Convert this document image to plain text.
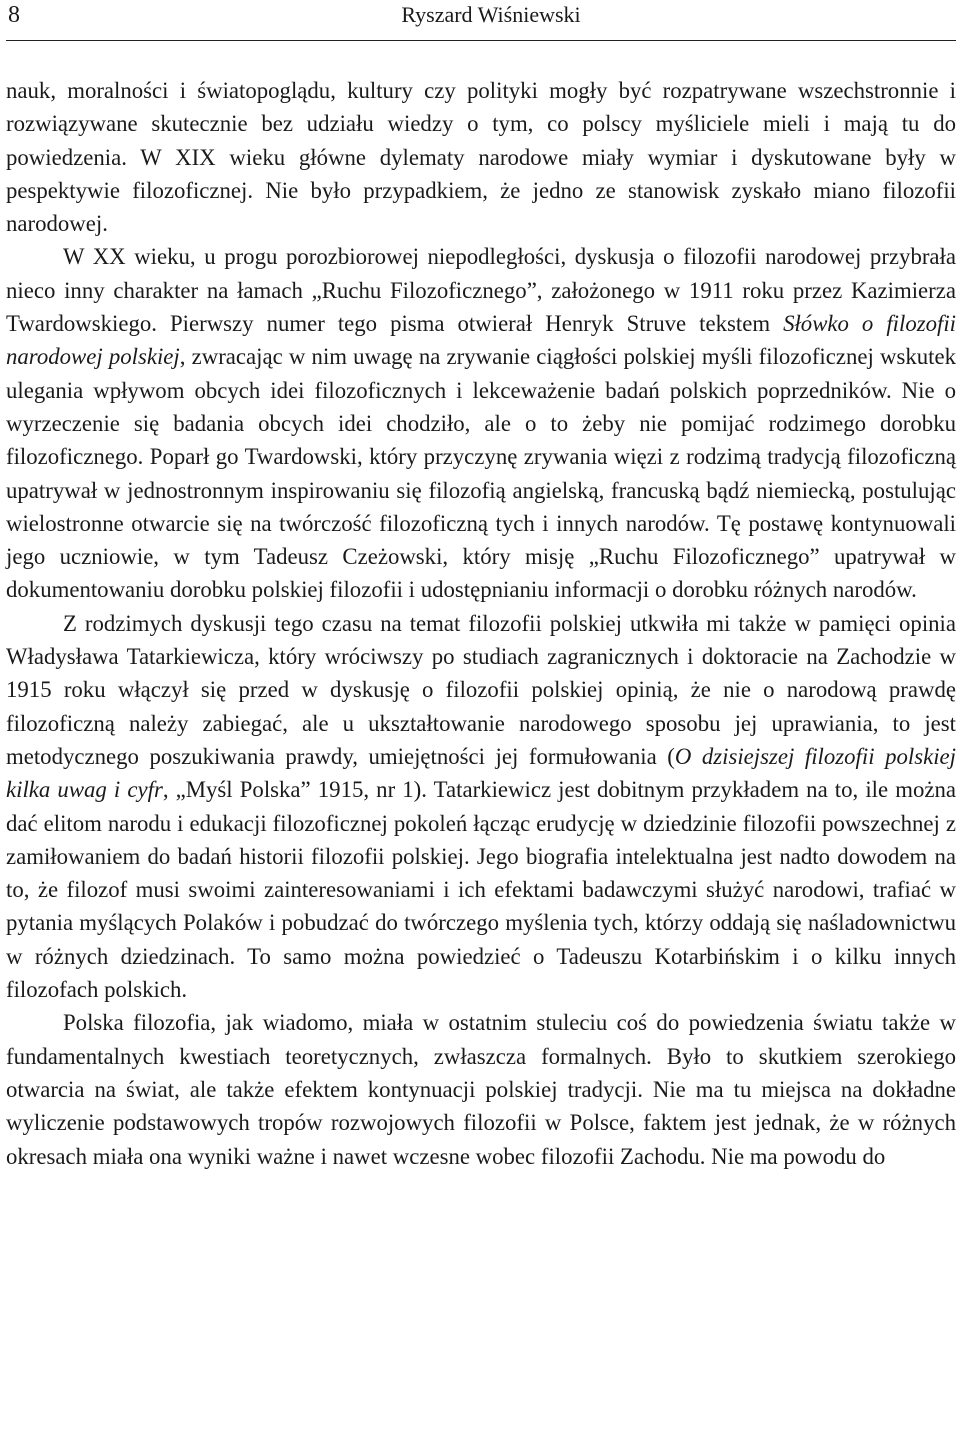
8	Ryszard Wiśniewski

nauk, moralności i światopoglądu, kultury czy polityki mogły być rozpatrywane wszechstronnie i rozwiązywane skutecznie bez udziału wiedzy o tym, co polscy myśliciele mieli i mają tu do powiedzenia. W XIX wieku główne dylematy narodowe miały wymiar i dyskutowane były w pespektywie filozoficznej. Nie było przypadkiem, że jedno ze stanowisk zyskało miano filozofii narodowej.

W XX wieku, u progu porozbiorowej niepodległości, dyskusja o filozofii narodowej przybrała nieco inny charakter na łamach „Ruchu Filozoficznego”, założonego w 1911 roku przez Kazimierza Twardowskiego. Pierwszy numer tego pisma otwierał Henryk Struve tekstem Słówko o filozofii narodowej polskiej, zwracając w nim uwagę na zrywanie ciągłości polskiej myśli filozoficznej wskutek ulegania wpływom obcych idei filozoficznych i lekceważenie badań polskich poprzedników. Nie o wyrzeczenie się badania obcych idei chodziło, ale o to żeby nie pomijać rodzimego dorobku filozoficznego. Poparł go Twardowski, który przyczynę zrywania więzi z rodzimą tradycją filozoficzną upatrywał w jednostronnym inspirowaniu się filozofią angielską, francuską bądź niemiecką, postulując wielostronne otwarcie się na twórczość filozoficzną tych i innych narodów. Tę postawę kontynuowali jego uczniowie, w tym Tadeusz Czeżowski, który misję „Ruchu Filozoficznego” upatrywał w dokumentowaniu dorobku polskiej filozofii i udostępnianiu informacji o dorobku różnych narodów.

Z rodzimych dyskusji tego czasu na temat filozofii polskiej utkwiła mi także w pamięci opinia Władysława Tatarkiewicza, który wróciwszy po studiach zagranicznych i doktoracie na Zachodzie w 1915 roku włączył się przed w dyskusję o filozofii polskiej opinią, że nie o narodową prawdę filozoficzną należy zabiegać, ale u ukształtowanie narodowego sposobu jej uprawiania, to jest metodycznego poszukiwania prawdy, umiejętności jej formułowania (O dzisiejszej filozofii polskiej kilka uwag i cyfr, „Myśl Polska” 1915, nr 1). Tatarkiewicz jest dobitnym przykładem na to, ile można dać elitom narodu i edukacji filozoficznej pokoleń łącząc erudycję w dziedzinie filozofii powszechnej z zamiłowaniem do badań historii filozofii polskiej. Jego biografia intelektualna jest nadto dowodem na to, że filozof musi swoimi zainteresowaniami i ich efektami badawczymi służyć narodowi, trafiać w pytania myślących Polaków i pobudzać do twórczego myślenia tych, którzy oddają się naśladownictwu w różnych dziedzinach. To samo można powiedzieć o Tadeuszu Kotarbińskim i o kilku innych filozofach polskich.

Polska filozofia, jak wiadomo, miała w ostatnim stuleciu coś do powiedzenia światu także w fundamentalnych kwestiach teoretycznych, zwłaszcza formalnych. Było to skutkiem szerokiego otwarcia na świat, ale także efektem kontynuacji polskiej tradycji. Nie ma tu miejsca na dokładne wyliczenie podstawowych tropów rozwojowych filozofii w Polsce, faktem jest jednak, że w różnych okresach miała ona wyniki ważne i nawet wczesne wobec filozofii Zachodu. Nie ma powodu do
